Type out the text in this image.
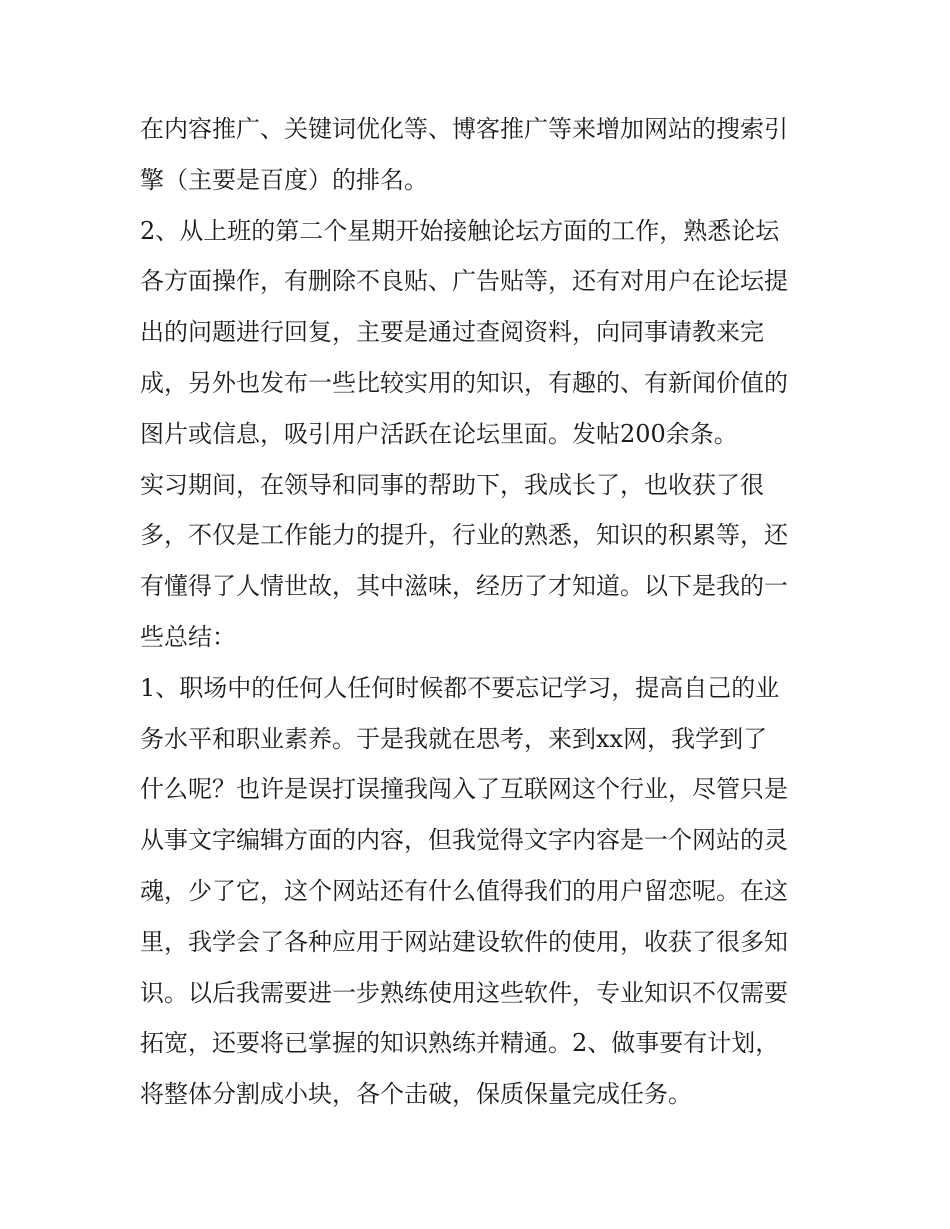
在内容推广、关键词优化等、博客推广等来增加网站的搜索引
擎（主要是百度）的排名。
2、从上班的第二个星期开始接触论坛方面的工作，熟悉论坛
各方面操作，有删除不良贴、广告贴等，还有对用户在论坛提
出的问题进行回复，主要是通过查阅资料，向同事请教来完
成，另外也发布一些比较实用的知识，有趣的、有新闻价值的
图片或信息，吸引用户活跃在论坛里面。发帖200余条。
实习期间，在领导和同事的帮助下，我成长了，也收获了很
多，不仅是工作能力的提升，行业的熟悉，知识的积累等，还
有懂得了人情世故，其中滋味，经历了才知道。以下是我的一
些总结：
1、职场中的任何人任何时候都不要忘记学习，提高自己的业
务水平和职业素养。于是我就在思考，来到xx网，我学到了
什么呢？也许是误打误撞我闯入了互联网这个行业，尽管只是
从事文字编辑方面的内容，但我觉得文字内容是一个网站的灵
魂，少了它，这个网站还有什么值得我们的用户留恋呢。在这
里，我学会了各种应用于网站建设软件的使用，收获了很多知
识。以后我需要进一步熟练使用这些软件，专业知识不仅需要
拓宽，还要将已掌握的知识熟练并精通。2、做事要有计划，
将整体分割成小块，各个击破，保质保量完成任务。
